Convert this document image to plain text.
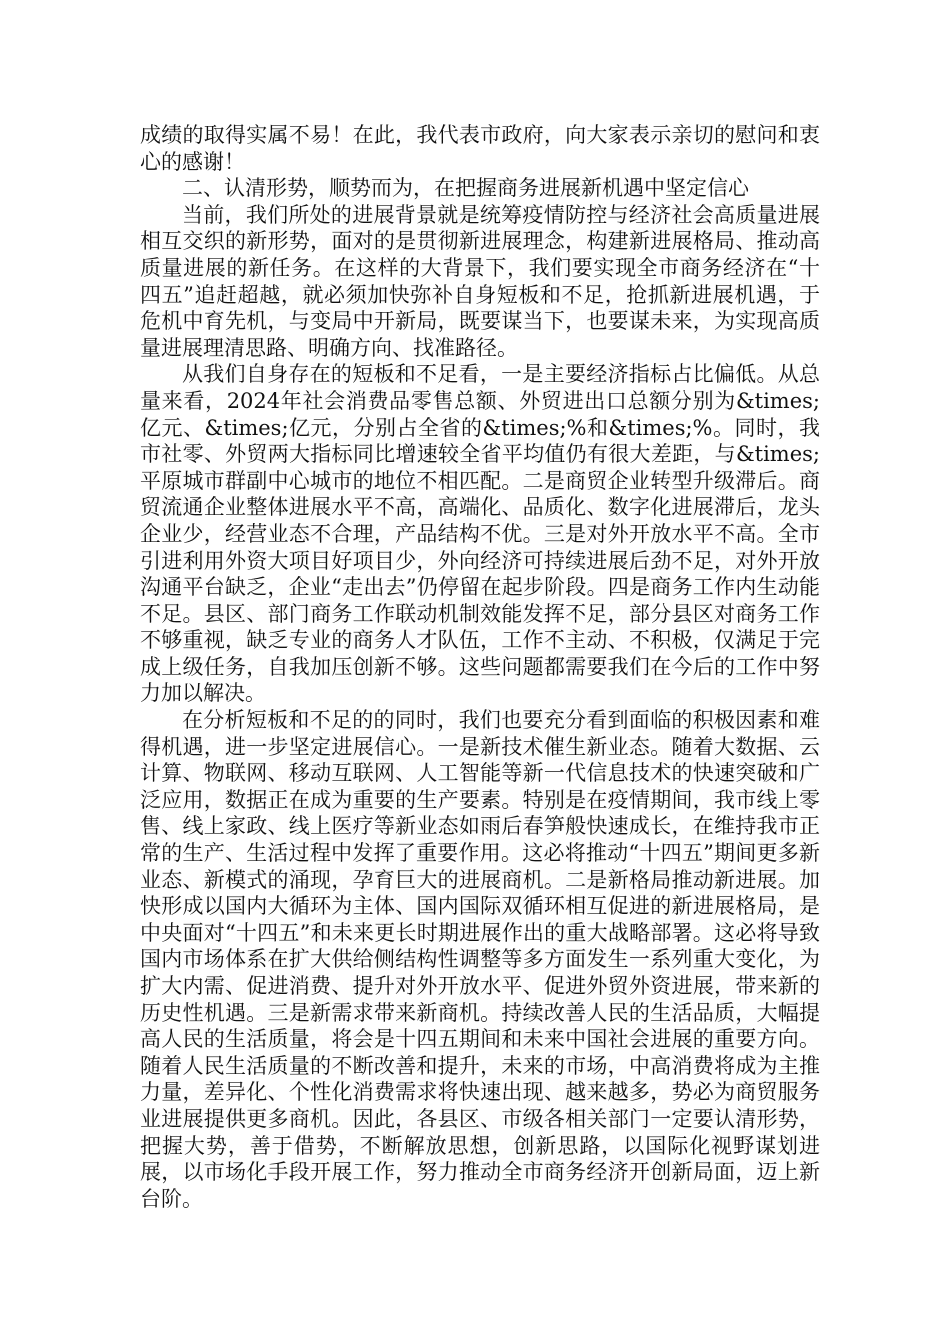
成绩的取得实属不易！在此，我代表市政府，向大家表示亲切的慰问和衷心的感谢！

二、认清形势，顺势而为，在把握商务进展新机遇中坚定信心

当前，我们所处的进展背景就是统筹疫情防控与经济社会高质量进展相互交织的新形势，面对的是贯彻新进展理念，构建新进展格局、推动高质量进展的新任务。在这样的大背景下，我们要实现全市商务经济在“十四五”追赶超越，就必须加快弥补自身短板和不足，抢抓新进展机遇，于危机中育先机，与变局中开新局，既要谋当下，也要谋未来，为实现高质量进展理清思路、明确方向、找准路径。

从我们自身存在的短板和不足看，一是主要经济指标占比偏低。从总量来看，2024年社会消费品零售总额、外贸进出口总额分别为&times;亿元、&times;亿元，分别占全省的&times;%和&times;%。同时，我市社零、外贸两大指标同比增速较全省平均值仍有很大差距，与&times;平原城市群副中心城市的地位不相匹配。二是商贸企业转型升级滞后。商贸流通企业整体进展水平不高，高端化、品质化、数字化进展滞后，龙头企业少，经营业态不合理，产品结构不优。三是对外开放水平不高。全市引进利用外资大项目好项目少，外向经济可持续进展后劲不足，对外开放沟通平台缺乏，企业“走出去”仍停留在起步阶段。四是商务工作内生动能不足。县区、部门商务工作联动机制效能发挥不足，部分县区对商务工作不够重视，缺乏专业的商务人才队伍，工作不主动、不积极，仅满足于完成上级任务，自我加压创新不够。这些问题都需要我们在今后的工作中努力加以解决。

在分析短板和不足的的同时，我们也要充分看到面临的积极因素和难得机遇，进一步坚定进展信心。一是新技术催生新业态。随着大数据、云计算、物联网、移动互联网、人工智能等新一代信息技术的快速突破和广泛应用，数据正在成为重要的生产要素。特别是在疫情期间，我市线上零售、线上家政、线上医疗等新业态如雨后春笋般快速成长，在维持我市正常的生产、生活过程中发挥了重要作用。这必将推动“十四五”期间更多新业态、新模式的涌现，孕育巨大的进展商机。二是新格局推动新进展。加快形成以国内大循环为主体、国内国际双循环相互促进的新进展格局，是中央面对“十四五”和未来更长时期进展作出的重大战略部署。这必将导致国内市场体系在扩大供给侧结构性调整等多方面发生一系列重大变化，为扩大内需、促进消费、提升对外开放水平、促进外贸外资进展，带来新的历史性机遇。三是新需求带来新商机。持续改善人民的生活品质，大幅提高人民的生活质量，将会是十四五期间和未来中国社会进展的重要方向。随着人民生活质量的不断改善和提升，未来的市场，中高消费将成为主推力量，差异化、个性化消费需求将快速出现、越来越多，势必为商贸服务业进展提供更多商机。因此，各县区、市级各相关部门一定要认清形势，把握大势，善于借势，不断解放思想，创新思路，以国际化视野谋划进展，以市场化手段开展工作，努力推动全市商务经济开创新局面，迈上新台阶。
